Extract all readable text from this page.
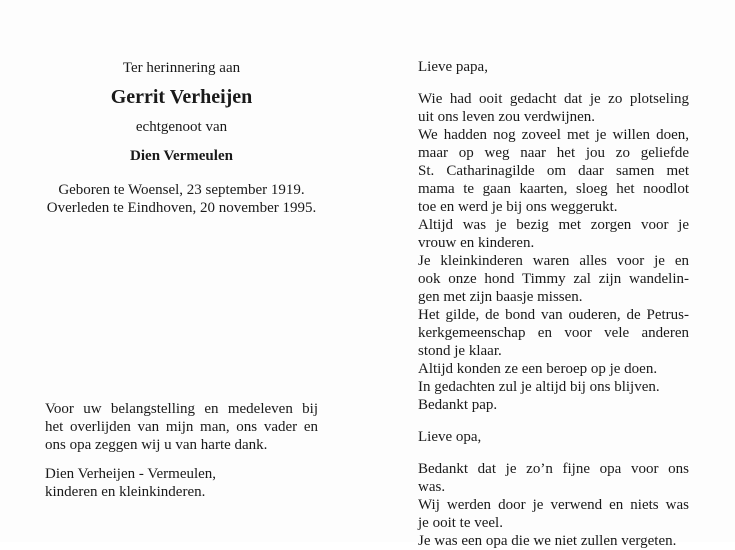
Ter herinnering aan
Gerrit Verheijen
echtgenoot van
Dien Vermeulen
Geboren te Woensel, 23 september 1919.
Overleden te Eindhoven, 20 november 1995.
Voor uw belangstelling en medeleven bij
het overlijden van mijn man, ons vader en
ons opa zeggen wij u van harte dank.
Dien Verheijen - Vermeulen,
kinderen en kleinkinderen.
Lieve papa,
Wie had ooit gedacht dat je zo plotseling
uit ons leven zou verdwijnen.
We hadden nog zoveel met je willen doen,
maar op weg naar het jou zo geliefde
St. Catharinagilde om daar samen met
mama te gaan kaarten, sloeg het noodlot
toe en werd je bij ons weggerukt.
Altijd was je bezig met zorgen voor je
vrouw en kinderen.
Je kleinkinderen waren alles voor je en
ook onze hond Timmy zal zijn wandelin-
gen met zijn baasje missen.
Het gilde, de bond van ouderen, de Petrus-
kerkgemeenschap en voor vele anderen
stond je klaar.
Altijd konden ze een beroep op je doen.
In gedachten zul je altijd bij ons blijven.
Bedankt pap.
Lieve opa,
Bedankt dat je zo’n fijne opa voor ons
was.
Wij werden door je verwend en niets was
je ooit te veel.
Je was een opa die we niet zullen vergeten.
